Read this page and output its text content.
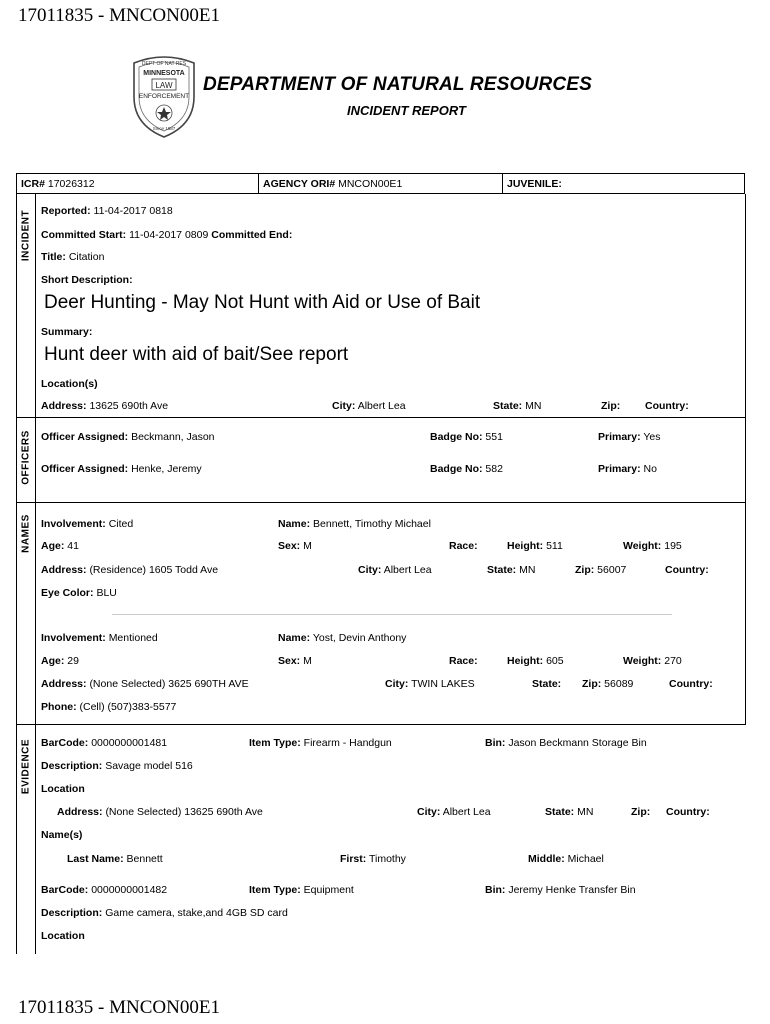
17011835 - MNCON00E1
DEPT OF NAT RES
MINNESOTA
LAW
ENFORCEMENT
Since 1887
DEPARTMENT OF NATURAL RESOURCES
INCIDENT REPORT
ICR# 17026312	AGENCY ORI# MNCON00E1	JUVENILE:
INCIDENT Reported: 11-04-2017 0818
Committed Start: 11-04-2017 0809 Committed End:
Title: Citation
Short Description:
Deer Hunting - May Not Hunt with Aid or Use of Bait
Summary:
Hunt deer with aid of bait/See report
Location(s)
Address: 13625 690th Ave	City: Albert Lea	State: MN	Zip: Country:
OFFICERS Officer Assigned: Beckmann, Jason	Badge No: 551	Primary: Yes
Officer Assigned: Henke, Jeremy	Badge No: 582	Primary: No
NAMES Involvement: Cited	Name: Bennett, Timothy Michael
Age: 41	Sex: M	Race:	Height: 511	Weight: 195
Address: (Residence) 1605 Todd Ave	City: Albert Lea	State: MN	Zip: 56007	Country:
Eye Color: BLU
Involvement: Mentioned	Name: Yost, Devin Anthony
Age: 29	Sex: M	Race:	Height: 605	Weight: 270
Address: (None Selected) 3625 690TH AVE	City: TWIN LAKES	State: Zip: 56089	Country:
Phone: (Cell) (507)383-5577
EVIDENCE BarCode: 0000000001481	Item Type: Firearm - Handgun	Bin: Jason Beckmann Storage Bin
Description: Savage model 516
Location
Address: (None Selected) 13625 690th Ave	City: Albert Lea	State: MN	Zip: Country:
Name(s)
Last Name: Bennett	First: Timothy	Middle: Michael
BarCode: 0000000001482	Item Type: Equipment	Bin: Jeremy Henke Transfer Bin
Description: Game camera, stake,and 4GB SD card
Location
17011835 - MNCON00E1
